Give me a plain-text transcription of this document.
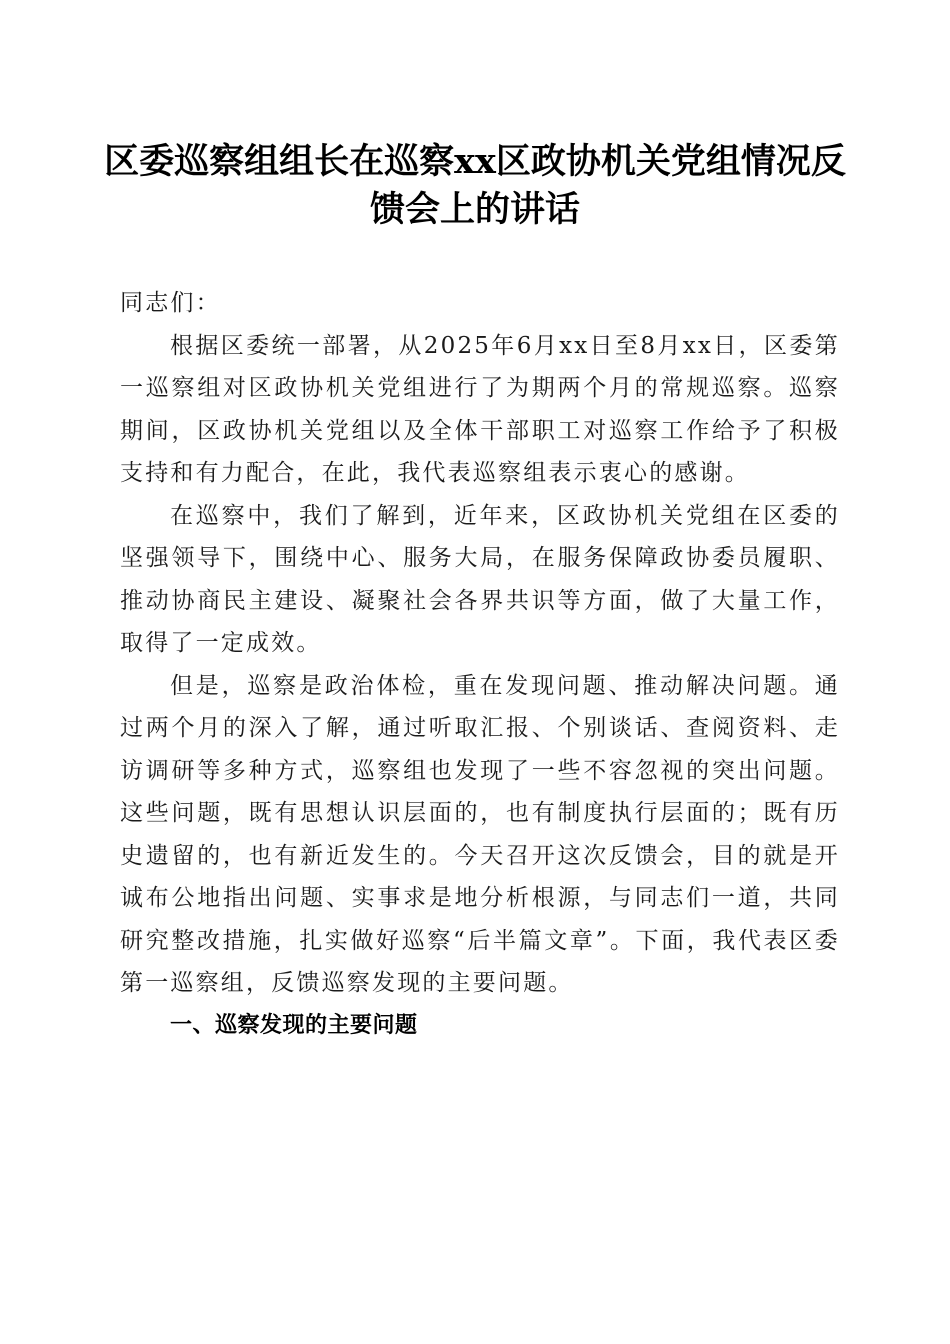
区委巡察组组长在巡察xx区政协机关党组情况反馈会上的讲话

同志们：

根据区委统一部署，从2025年6月xx日至8月xx日，区委第一巡察组对区政协机关党组进行了为期两个月的常规巡察。巡察期间，区政协机关党组以及全体干部职工对巡察工作给予了积极支持和有力配合，在此，我代表巡察组表示衷心的感谢。

在巡察中，我们了解到，近年来，区政协机关党组在区委的坚强领导下，围绕中心、服务大局，在服务保障政协委员履职、推动协商民主建设、凝聚社会各界共识等方面，做了大量工作，取得了一定成效。

但是，巡察是政治体检，重在发现问题、推动解决问题。通过两个月的深入了解，通过听取汇报、个别谈话、查阅资料、走访调研等多种方式，巡察组也发现了一些不容忽视的突出问题。这些问题，既有思想认识层面的，也有制度执行层面的；既有历史遗留的，也有新近发生的。今天召开这次反馈会，目的就是开诚布公地指出问题、实事求是地分析根源，与同志们一道，共同研究整改措施，扎实做好巡察“后半篇文章”。下面，我代表区委第一巡察组，反馈巡察发现的主要问题。

一、巡察发现的主要问题
